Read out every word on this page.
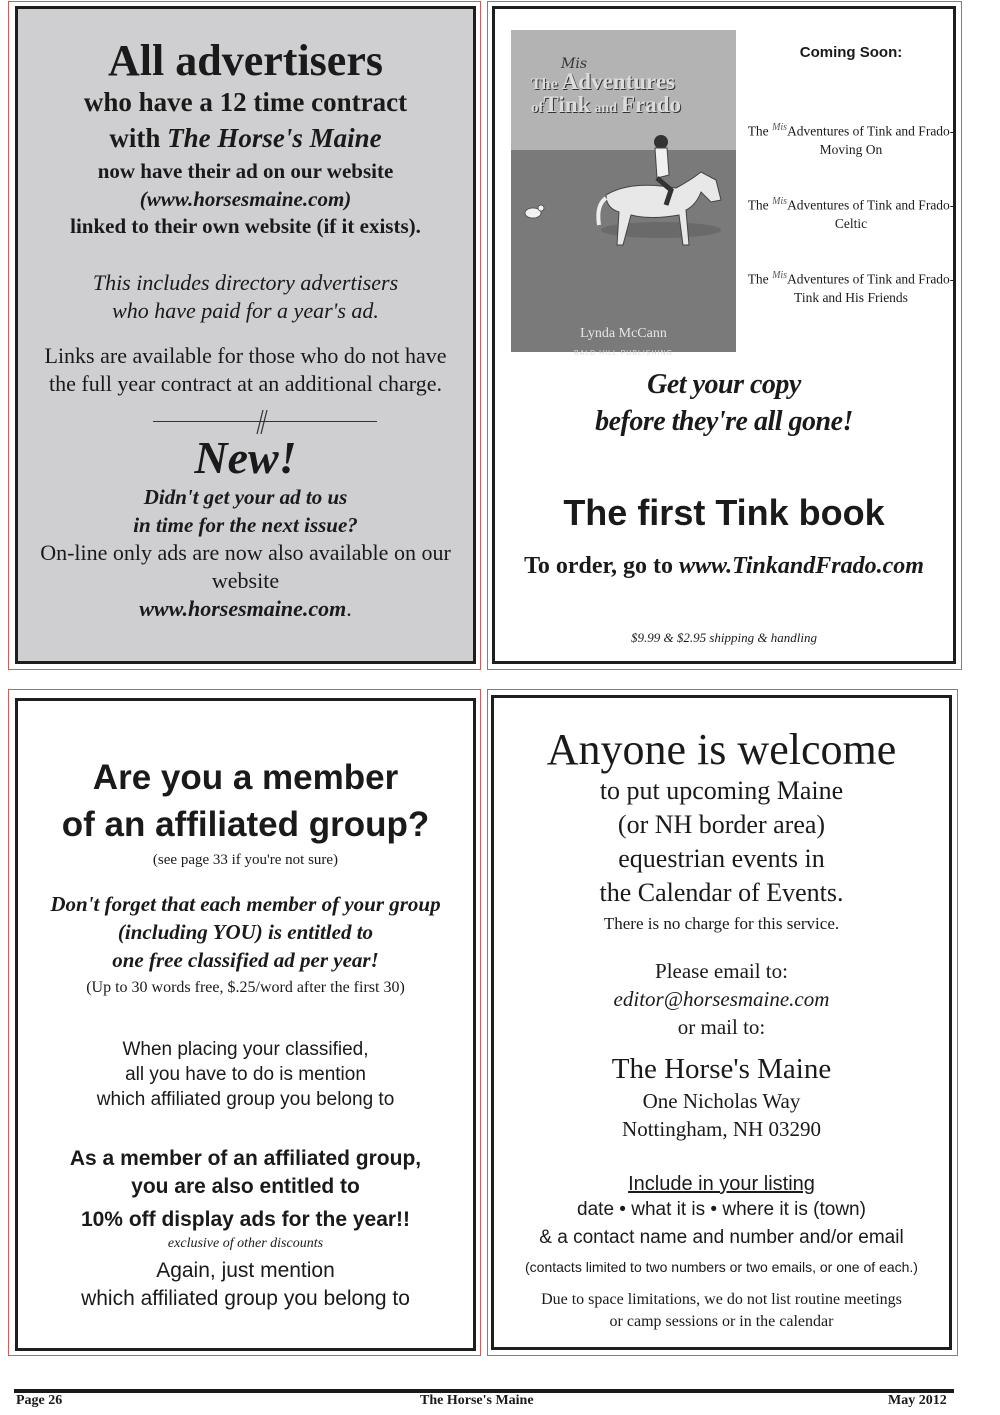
All advertisers
who have a 12 time contract
with The Horse's Maine
now have their ad on our website
(www.horsesmaine.com)
linked to their own website (if it exists).
This includes directory advertisers
who have paid for a year's ad.
Links are available for those who do not have
the full year contract at an additional charge.
New!
Didn't get your ad to us
in time for the next issue?
On-line only ads are now also available on our
website
www.horsesmaine.com.
Mis
The Adventures
ofTink and Frado
Lynda McCann
BALD HILL PUBLISHING
Coming Soon:
The $^{Mis}$Adventures of Tink and Frado-
Moving On
The $^{Mis}$Adventures of Tink and Frado-
Celtic
The $^{Mis}$Adventures of Tink and Frado-
Tink and His Friends
Get your copy
before they're all gone!
The first Tink book
To order, go to www.TinkandFrado.com
$9.99 & $2.95 shipping & handling
Are you a member
of an affiliated group?
(see page 33 if you're not sure)
Don't forget that each member of your group
(including YOU) is entitled to
one free classified ad per year!
(Up to 30 words free, $.25/word after the first 30)
When placing your classified,
all you have to do is mention
which affiliated group you belong to
As a member of an affiliated group,
you are also entitled to
10% off display ads for the year!!
exclusive of other discounts
Again, just mention
which affiliated group you belong to
Anyone is welcome
to put upcoming Maine
(or NH border area)
equestrian events in
the Calendar of Events.
There is no charge for this service.
Please email to:
editor@horsesmaine.com
or mail to:
The Horse's Maine
One Nicholas Way
Nottingham, NH 03290
Include in your listing
date • what it is • where it is (town)
& a contact name and number and/or email
(contacts limited to two numbers or two emails, or one of each.)
Due to space limitations, we do not list routine meetings
or camp sessions or in the calendar
Page 26	The Horse's Maine	May 2012
